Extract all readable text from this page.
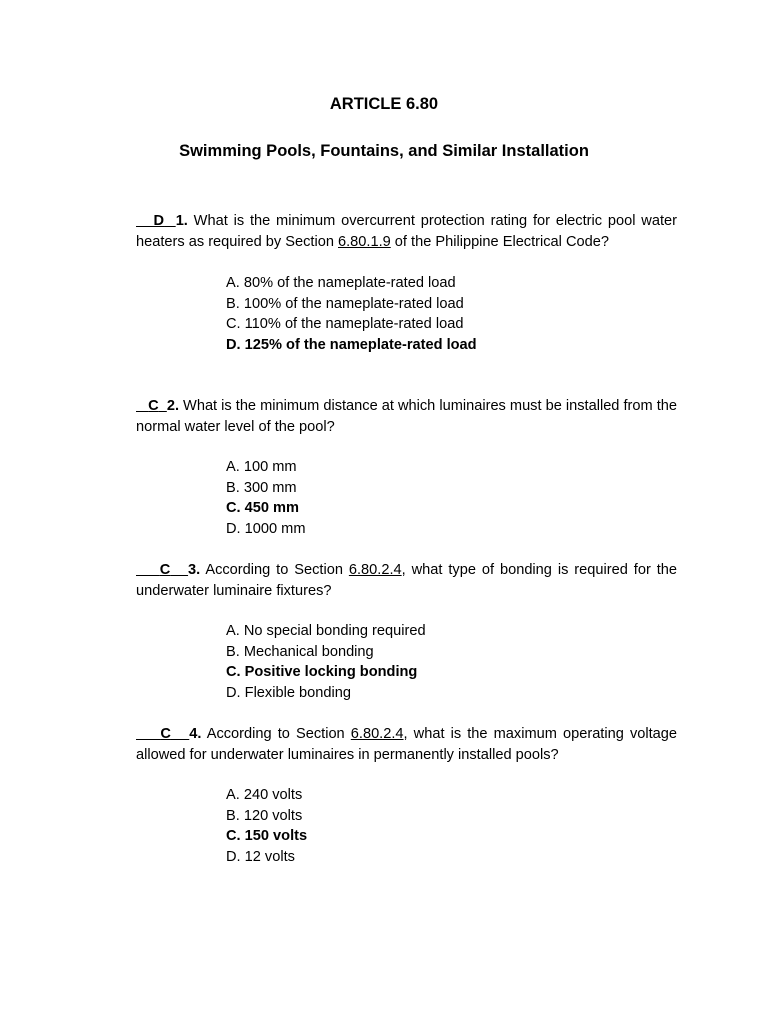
ARTICLE 6.80
Swimming Pools, Fountains, and Similar Installation

D 1. What is the minimum overcurrent protection rating for electric pool water heaters as required by Section 6.80.1.9 of the Philippine Electrical Code?

A. 80% of the nameplate-rated load
B. 100% of the nameplate-rated load
C. 110% of the nameplate-rated load
D. 125% of the nameplate-rated load

C 2. What is the minimum distance at which luminaires must be installed from the normal water level of the pool?

A. 100 mm
B. 300 mm
C. 450 mm
D. 1000 mm

C 3. According to Section 6.80.2.4, what type of bonding is required for the underwater luminaire fixtures?

A. No special bonding required
B. Mechanical bonding
C. Positive locking bonding
D. Flexible bonding

C 4. According to Section 6.80.2.4, what is the maximum operating voltage allowed for underwater luminaires in permanently installed pools?

A. 240 volts
B. 120 volts
C. 150 volts
D. 12 volts
